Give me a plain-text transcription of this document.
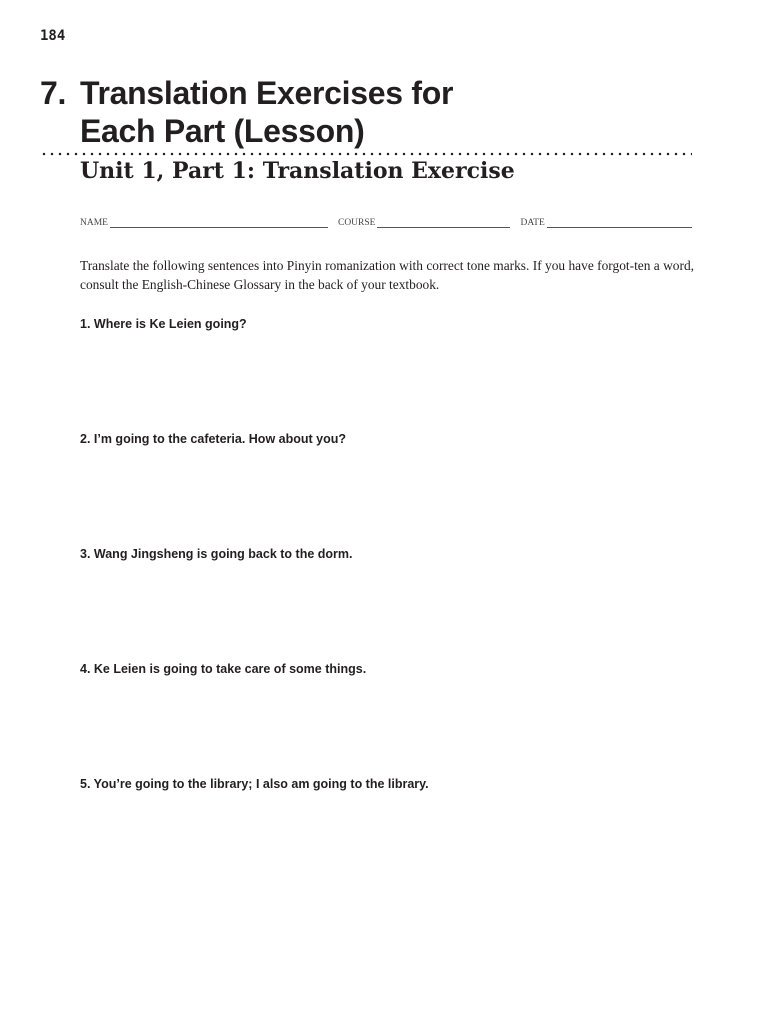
184
7. Translation Exercises for
Each Part (Lesson)
Unit 1, Part 1: Translation Exercise
NAME	COURSE	DATE
Translate the following sentences into Pinyin romanization with correct tone marks. If you have forgot-ten a word, consult the English-Chinese Glossary in the back of your textbook.
1. Where is Ke Leien going?
2. I’m going to the cafeteria. How about you?
3. Wang Jingsheng is going back to the dorm.
4. Ke Leien is going to take care of some things.
5. You’re going to the library; I also am going to the library.
